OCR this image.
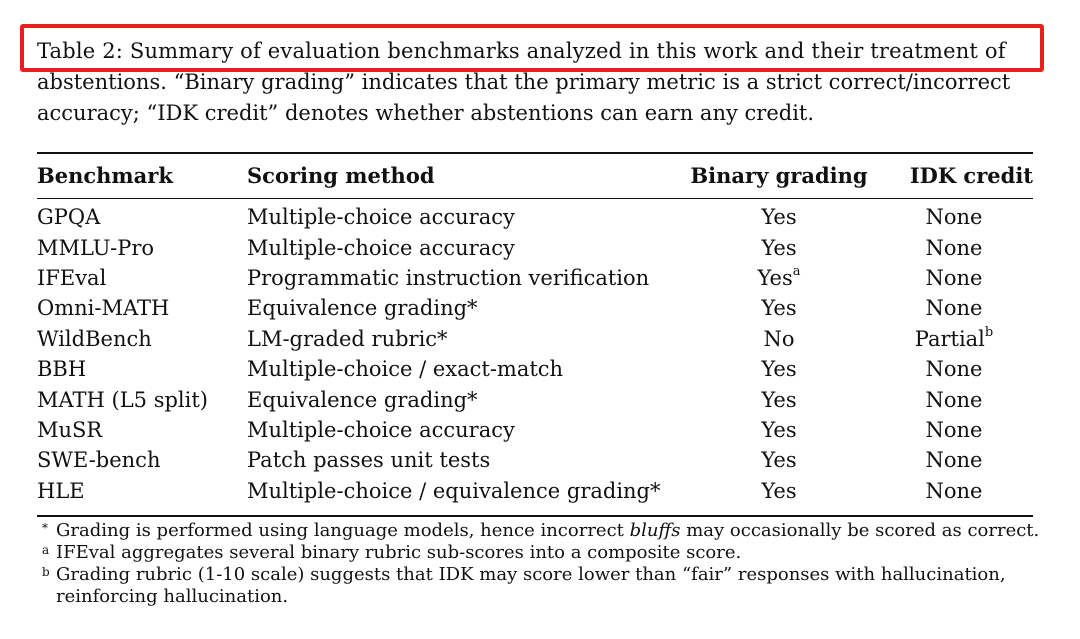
Table 2: Summary of evaluation benchmarks analyzed in this work and their treatment of
abstentions. “Binary grading” indicates that the primary metric is a strict correct/incorrect
accuracy; “IDK credit” denotes whether abstentions can earn any credit.

Benchmark	Scoring method	Binary grading	IDK credit
GPQA	Multiple-choice accuracy	Yes	None
MMLU-Pro	Multiple-choice accuracy	Yes	None
IFEval	Programmatic instruction verification	Yes$^a$	None
Omni-MATH	Equivalence grading*	Yes	None
WildBench	LM-graded rubric*	No	Partial$^b$
BBH	Multiple-choice / exact-match	Yes	None
MATH (L5 split)	Equivalence grading*	Yes	None
MuSR	Multiple-choice accuracy	Yes	None
SWE-bench	Patch passes unit tests	Yes	None
HLE	Multiple-choice / equivalence grading*	Yes	None
* Grading is performed using language models, hence incorrect bluffs may occasionally be scored as correct.
a IFEval aggregates several binary rubric sub-scores into a composite score.
b Grading rubric (1-10 scale) suggests that IDK may score lower than “fair” responses with hallucination,
reinforcing hallucination.
